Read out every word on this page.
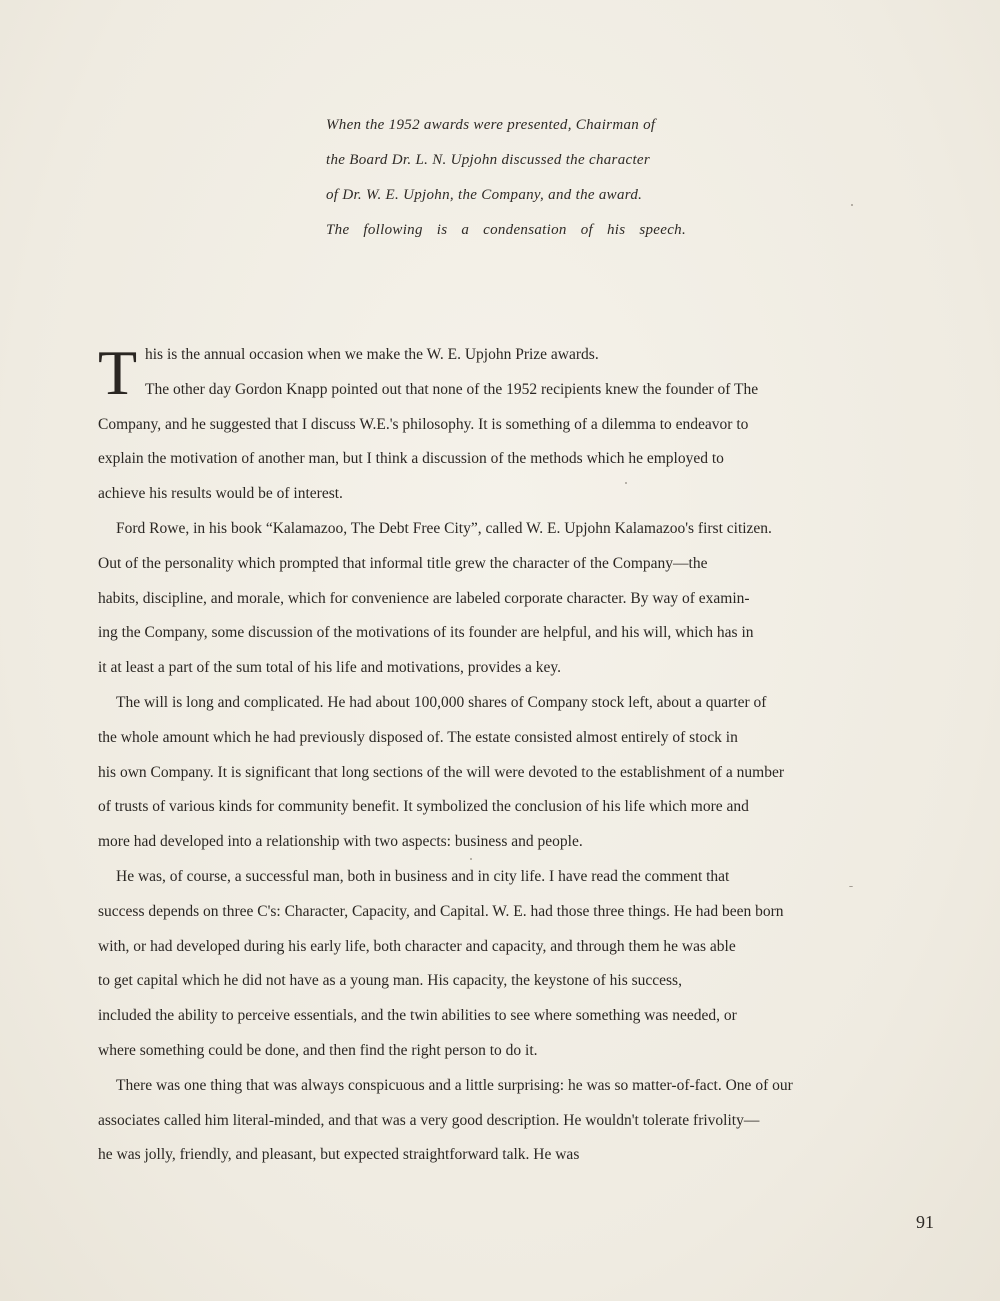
When the 1952 awards were presented, Chairman of
the Board Dr. L. N. Upjohn discussed the character
of Dr. W. E. Upjohn, the Company, and the award.
The following is a condensation of his speech.
T his is the annual occasion when we make the W. E. Upjohn Prize awards.
The other day Gordon Knapp pointed out that none of the 1952 recipients knew the founder of The
Company, and he suggested that I discuss W.E.'s philosophy. It is something of a dilemma to endeavor to
explain the motivation of another man, but I think a discussion of the methods which he employed to
achieve his results would be of interest.
Ford Rowe, in his book “Kalamazoo, The Debt Free City”, called W. E. Upjohn Kalamazoo's first citizen.
Out of the personality which prompted that informal title grew the character of the Company—the
habits, discipline, and morale, which for convenience are labeled corporate character. By way of examin-
ing the Company, some discussion of the motivations of its founder are helpful, and his will, which has in
it at least a part of the sum total of his life and motivations, provides a key.
The will is long and complicated. He had about 100,000 shares of Company stock left, about a quarter of
the whole amount which he had previously disposed of. The estate consisted almost entirely of stock in
his own Company. It is significant that long sections of the will were devoted to the establishment of a number
of trusts of various kinds for community benefit. It symbolized the conclusion of his life which more and
more had developed into a relationship with two aspects: business and people.
He was, of course, a successful man, both in business and in city life. I have read the comment that
success depends on three C's: Character, Capacity, and Capital. W. E. had those three things. He had been born
with, or had developed during his early life, both character and capacity, and through them he was able
to get capital which he did not have as a young man. His capacity, the keystone of his success,
included the ability to perceive essentials, and the twin abilities to see where something was needed, or
where something could be done, and then find the right person to do it.
There was one thing that was always conspicuous and a little surprising: he was so matter-of-fact. One of our
associates called him literal-minded, and that was a very good description. He wouldn't tolerate frivolity—
he was jolly, friendly, and pleasant, but expected straightforward talk. He was
91
